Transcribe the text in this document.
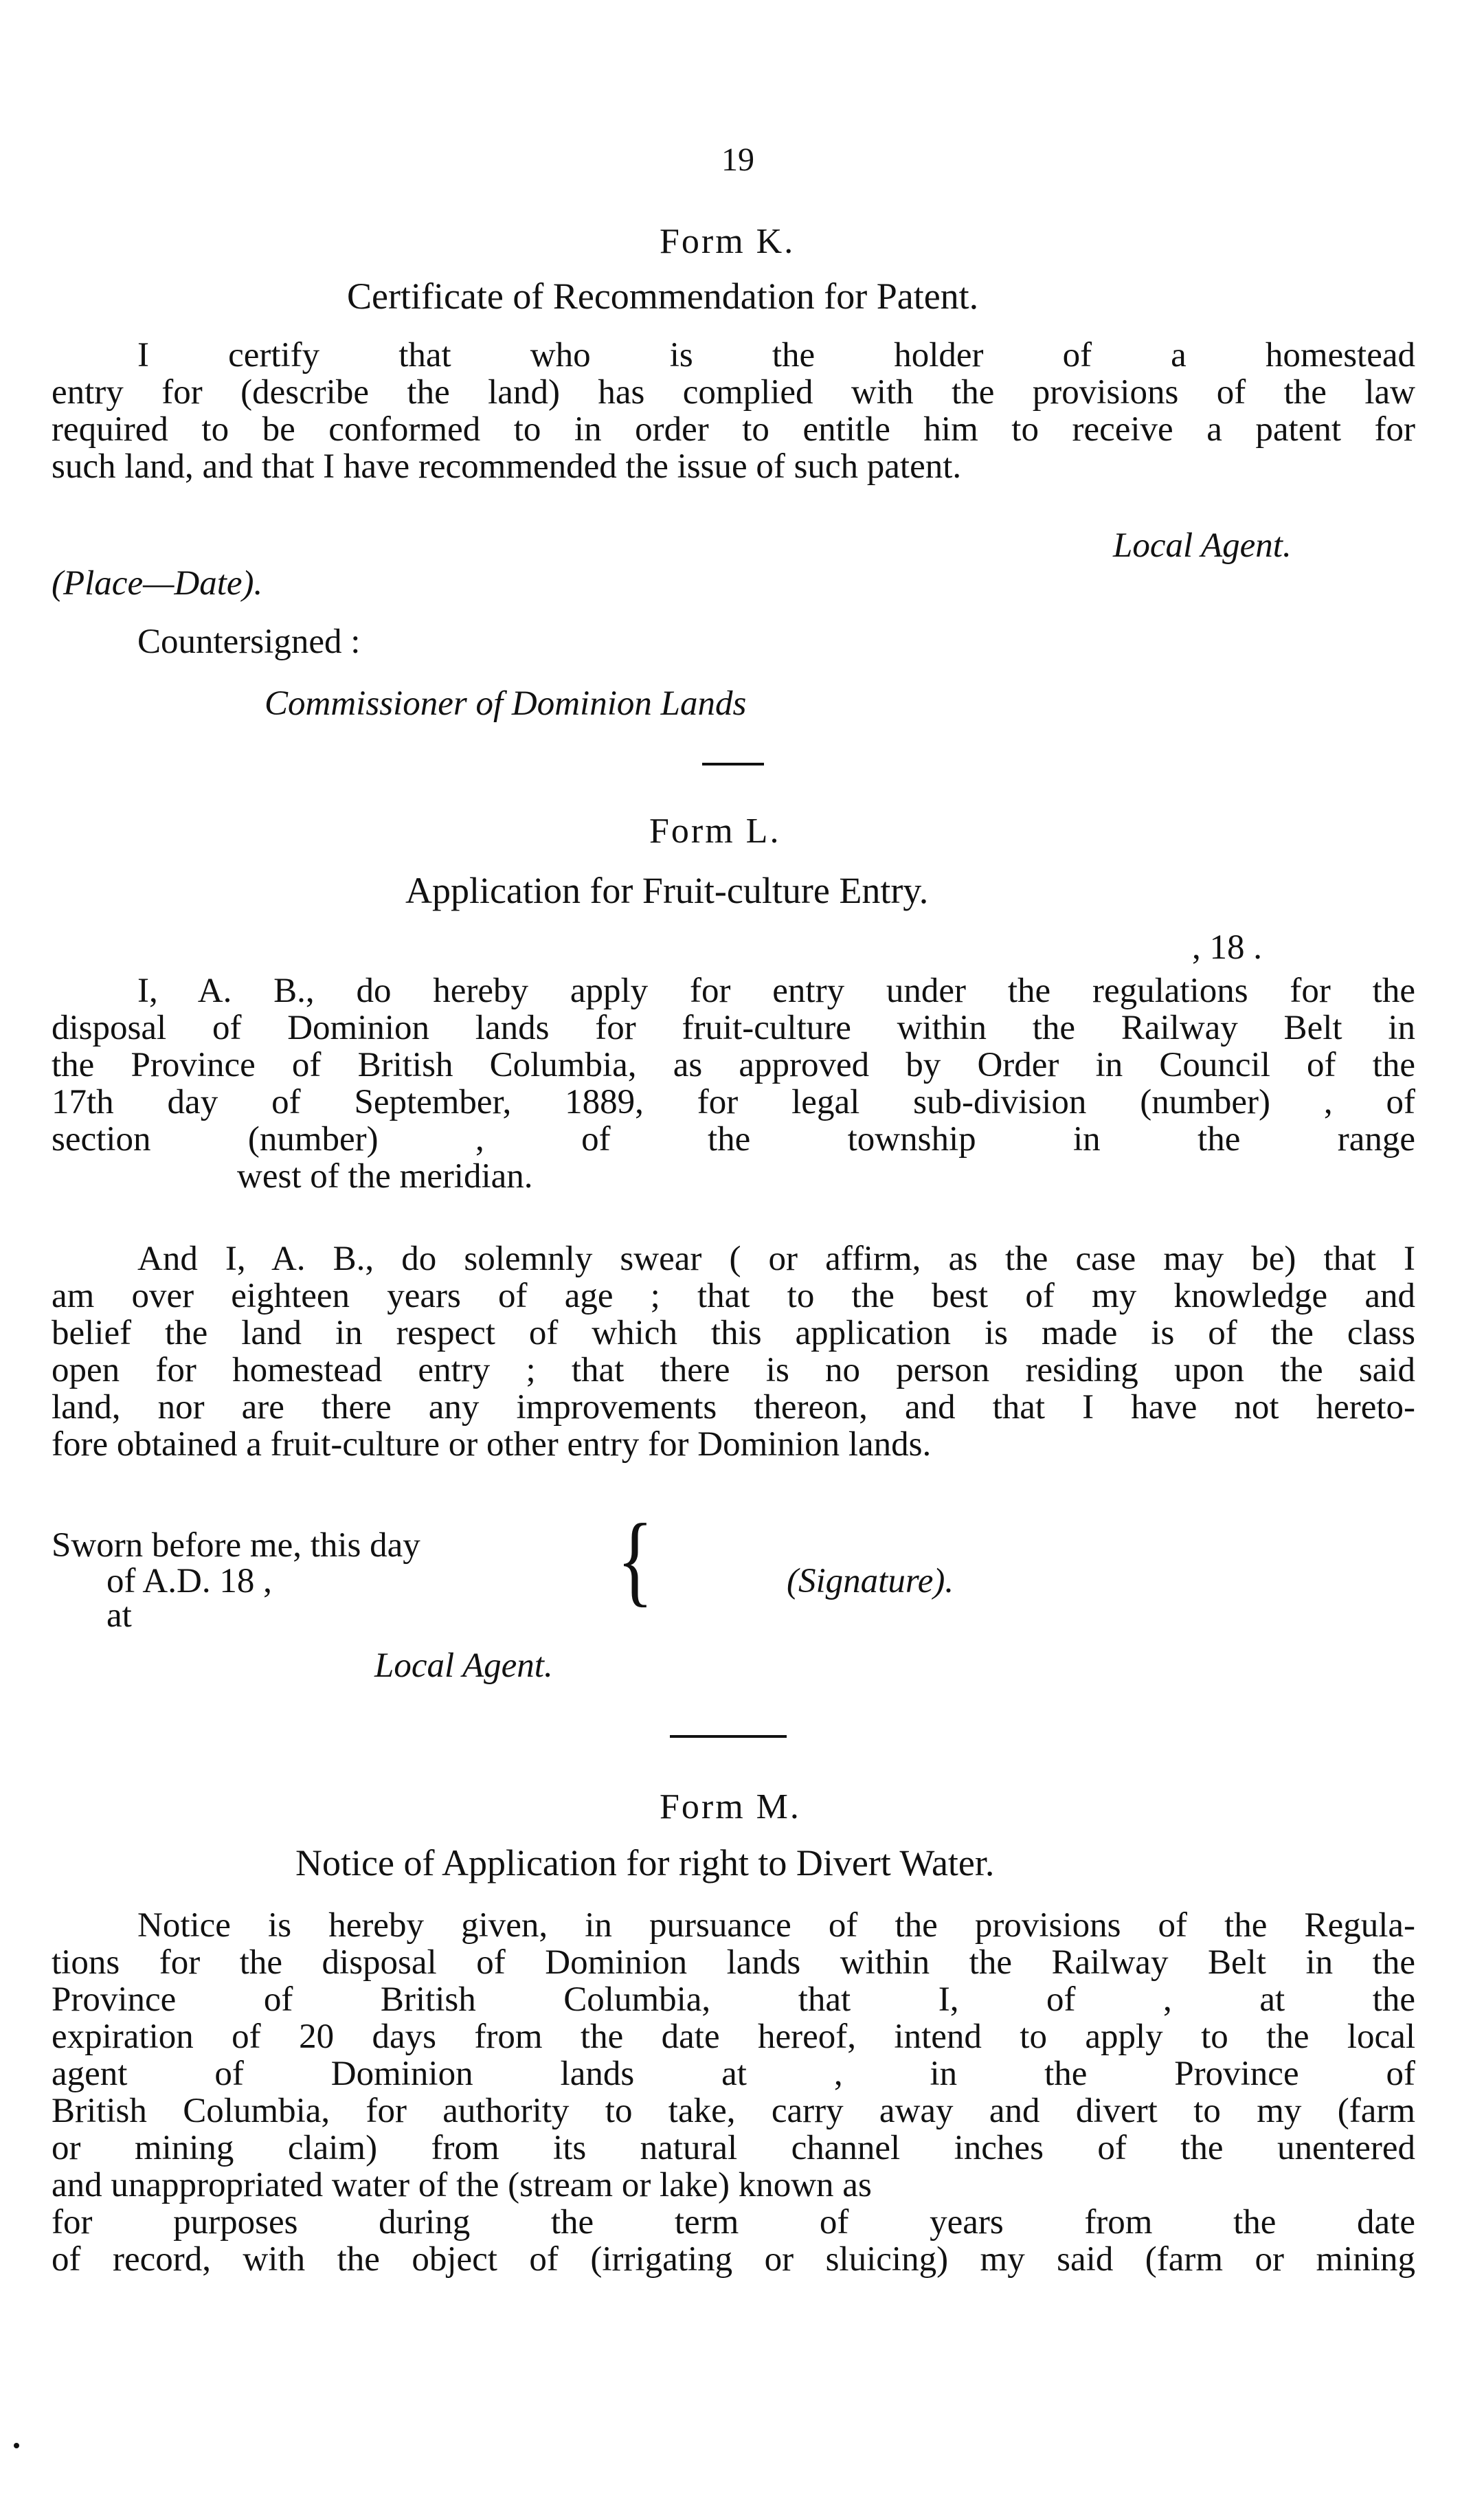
19
Form K.
Certificate of Recommendation for Patent.
I certify that who is the holder of a homestead
entry for (describe the land) has complied with the provisions of the law
required to be conformed to in order to entitle him to receive a patent for
such land, and that I have recommended the issue of such patent.
Local Agent.
(Place—Date).
Countersigned :
Commissioner of Dominion Lands
Form L.
Application for Fruit-culture Entry.
, 18 .
I, A. B., do hereby apply for entry under the regulations for the
disposal of Dominion lands for fruit-culture within the Railway Belt in
the Province of British Columbia, as approved by Order in Council of the
17th day of September, 1889, for legal sub-division (number) , of
section (number) , of the township in the range
west of the meridian.
And I, A. B., do solemnly swear ( or affirm, as the case may be) that I
am over eighteen years of age ; that to the best of my knowledge and
belief the land in respect of which this application is made is of the class
open for homestead entry ; that there is no person residing upon the said
land, nor are there any improvements thereon, and that I have not hereto-
fore obtained a fruit-culture or other entry for Dominion lands.
Sworn before me, this day
of A.D. 18 ,
at	{	(Signature).
Local Agent.
Form M.
Notice of Application for right to Divert Water.
Notice is hereby given, in pursuance of the provisions of the Regula-
tions for the disposal of Dominion lands within the Railway Belt in the
Province of British Columbia, that I, of , at the
expiration of 20 days from the date hereof, intend to apply to the local
agent of Dominion lands at , in the Province of
British Columbia, for authority to take, carry away and divert to my (farm
or mining claim) from its natural channel inches of the unentered
and unappropriated water of the (stream or lake) known as
for purposes during the term of years from the date
of record, with the object of (irrigating or sluicing) my said (farm or mining
